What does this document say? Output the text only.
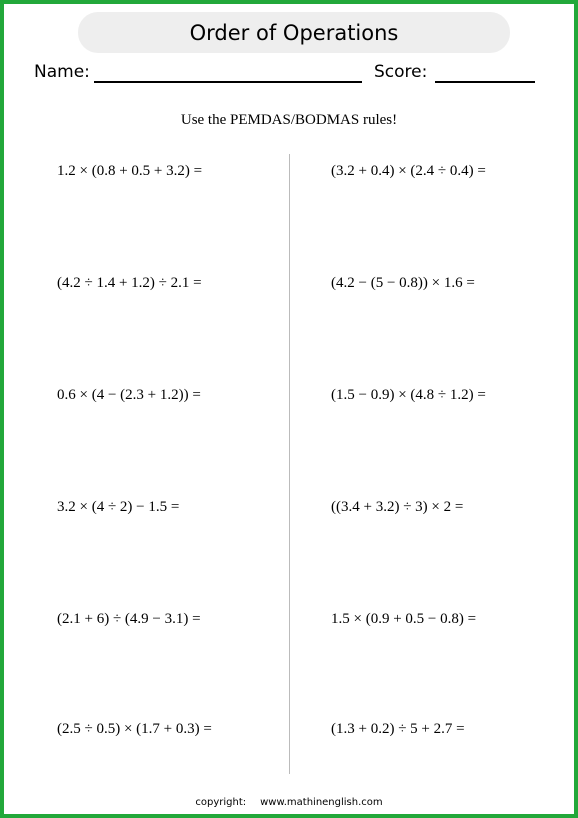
Order of Operations
Name:	Score:
Use the PEMDAS/BODMAS rules!
1.2 × (0.8 + 0.5 + 3.2) =
(4.2 ÷ 1.4 + 1.2) ÷ 2.1 =
0.6 × (4 − (2.3 + 1.2)) =
3.2 × (4 ÷ 2) − 1.5 =
(2.1 + 6) ÷ (4.9 − 3.1) =
(2.5 ÷ 0.5) × (1.7 + 0.3) =
(3.2 + 0.4) × (2.4 ÷ 0.4) =
(4.2 − (5 − 0.8)) × 1.6 =
(1.5 − 0.9) × (4.8 ÷ 1.2) =
((3.4 + 3.2) ÷ 3) × 2 =
1.5 × (0.9 + 0.5 − 0.8) =
(1.3 + 0.2) ÷ 5 + 2.7 =
copyright: www.mathinenglish.com
